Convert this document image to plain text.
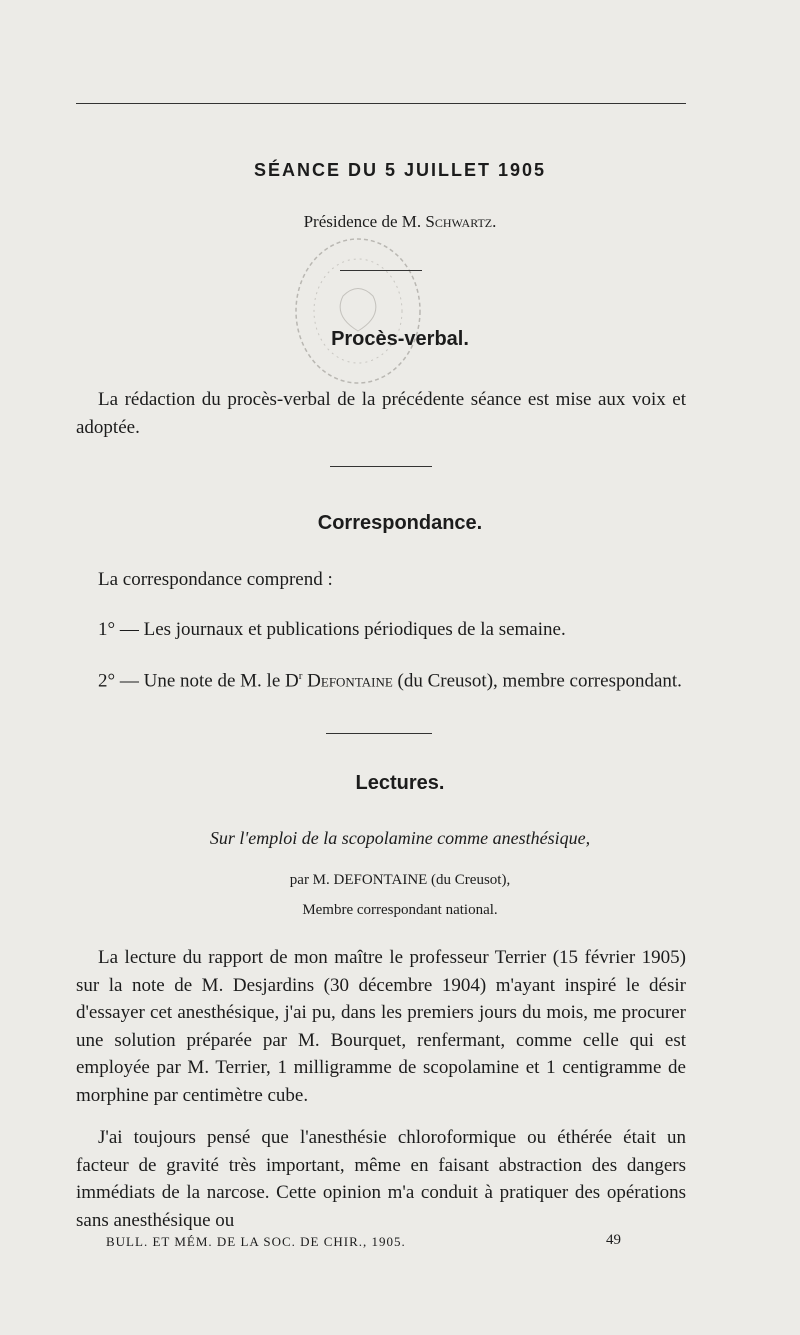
SÉANCE DU 5 JUILLET 1905
Présidence de M. Schwartz.
Procès-verbal.
La rédaction du procès-verbal de la précédente séance est mise aux voix et adoptée.
Correspondance.
La correspondance comprend :
1° — Les journaux et publications périodiques de la semaine.
2° — Une note de M. le $D^r$ Defontaine (du Creusot), membre correspondant.
Lectures.
Sur l'emploi de la scopolamine comme anesthésique,
par M. DEFONTAINE (du Creusot),
Membre correspondant national.
La lecture du rapport de mon maître le professeur Terrier (15 février 1905) sur la note de M. Desjardins (30 décembre 1904) m'ayant inspiré le désir d'essayer cet anesthésique, j'ai pu, dans les premiers jours du mois, me procurer une solution préparée par M. Bourquet, renfermant, comme celle qui est employée par M. Terrier, 1 milligramme de scopolamine et 1 centigramme de morphine par centimètre cube.
J'ai toujours pensé que l'anesthésie chloroformique ou éthérée était un facteur de gravité très important, même en faisant abstraction des dangers immédiats de la narcose. Cette opinion m'a conduit à pratiquer des opérations sans anesthésique ou
BULL. ET MÉM. DE LA SOC. DE CHIR., 1905.	49
